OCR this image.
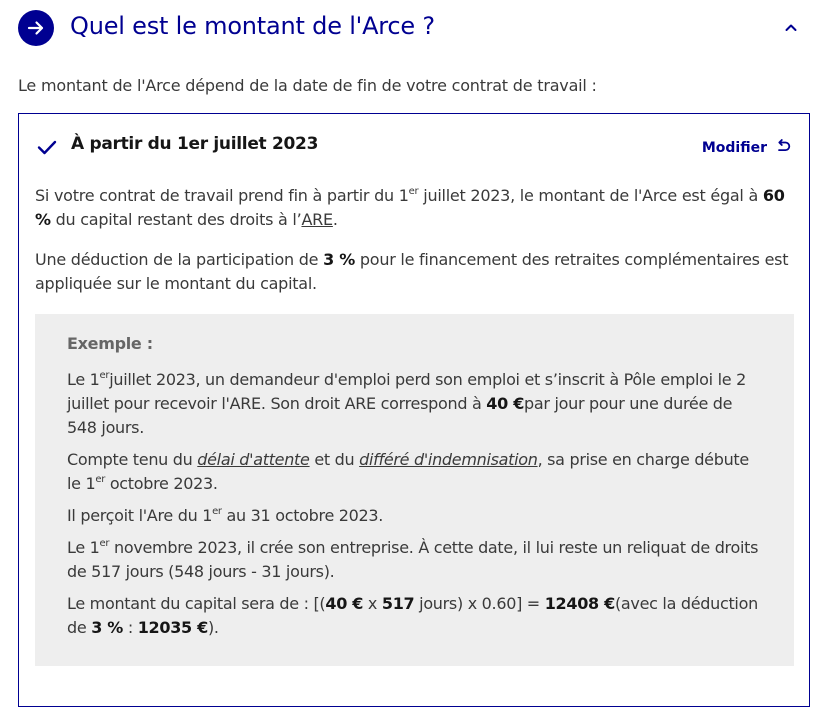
Quel est le montant de l'Arce ?
Le montant de l'Arce dépend de la date de fin de votre contrat de travail :
À partir du 1er juillet 2023	Modifier

Si votre contrat de travail prend fin à partir du 1er juillet 2023, le montant de l'Arce est égal à 60 % du capital restant des droits à l’ARE.

Une déduction de la participation de 3 % pour le financement des retraites complémentaires est appliquée sur le montant du capital.

Exemple :

Le 1erjuillet 2023, un demandeur d'emploi perd son emploi et s’inscrit à Pôle emploi le 2 juillet pour recevoir l'ARE. Son droit ARE correspond à 40 €par jour pour une durée de 548 jours.

Compte tenu du délai d'attente et du différé d'indemnisation, sa prise en charge débute le 1er octobre 2023.

Il perçoit l'Are du 1er au 31 octobre 2023.

Le 1er novembre 2023, il crée son entreprise. À cette date, il lui reste un reliquat de droits de 517 jours (548 jours - 31 jours).

Le montant du capital sera de : [(40 € x 517 jours) x 0.60] = 12408 €(avec la déduction de 3 % : 12035 €).
